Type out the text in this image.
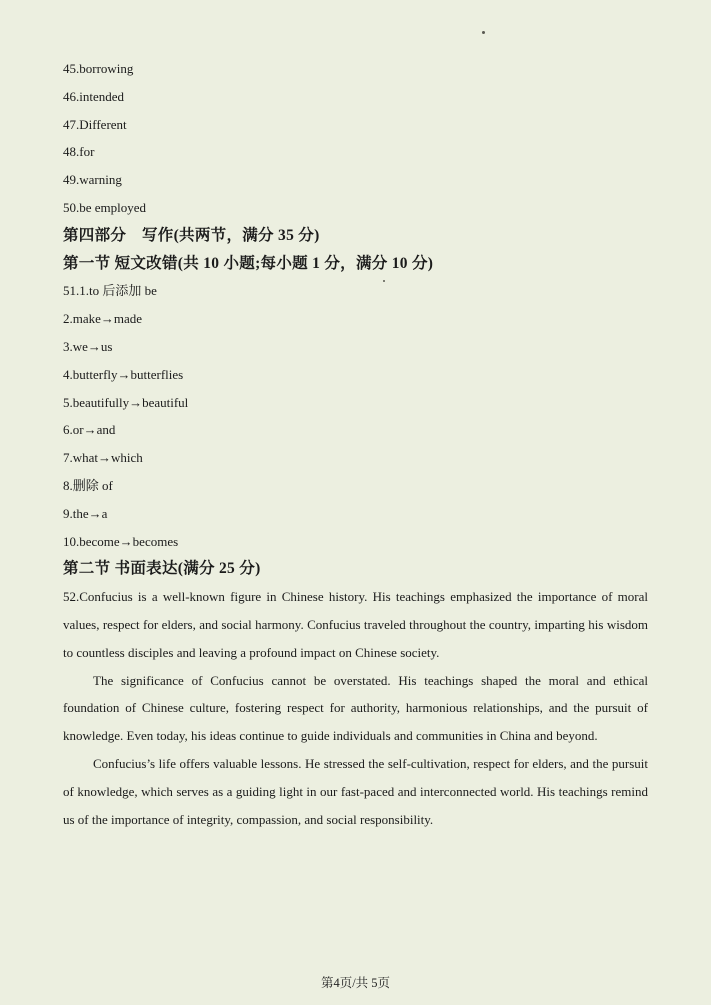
45.borrowing
46.intended
47.Different
48.for
49.warning
50.be employed
第四部分　写作(共两节，满分 35 分)
第一节 短文改错(共 10 小题;每小题 1 分，满分 10 分)
51.1.to 后添加 be
2.make→made
3.we→us
4.butterfly→butterflies
5.beautifully→beautiful
6.or→and
7.what→which
8.删除 of
9.the→a
10.become→becomes
第二节 书面表达(满分 25 分)

52.Confucius is a well-known figure in Chinese history. His teachings emphasized the importance of moral values, respect for elders, and social harmony. Confucius traveled throughout the country, imparting his wisdom to countless disciples and leaving a profound impact on Chinese society.

The significance of Confucius cannot be overstated. His teachings shaped the moral and ethical foundation of Chinese culture, fostering respect for authority, harmonious relationships, and the pursuit of knowledge. Even today, his ideas continue to guide individuals and communities in China and beyond.

Confucius’s life offers valuable lessons. He stressed the self-cultivation, respect for elders, and the pursuit of knowledge, which serves as a guiding light in our fast-paced and interconnected world. His teachings remind us of the importance of integrity, compassion, and social responsibility.

第4页/共 5页
